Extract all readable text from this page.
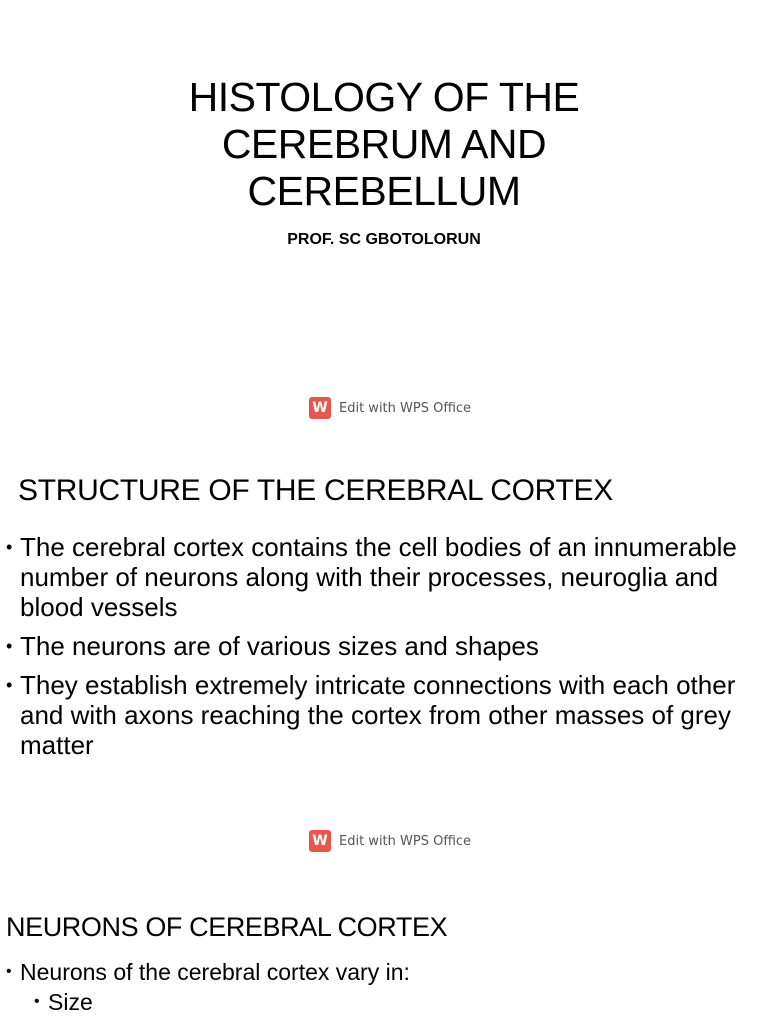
HISTOLOGY OF THE
CEREBRUM AND
CEREBELLUM
PROF. SC GBOTOLORUN
W Edit with WPS Office
STRUCTURE OF THE CEREBRAL CORTEX
• The cerebral cortex contains the cell bodies of an innumerable number of neurons along with their processes, neuroglia and blood vessels
• The neurons are of various sizes and shapes
• They establish extremely intricate connections with each other and with axons reaching the cortex from other masses of grey matter
W Edit with WPS Office
NEURONS OF CEREBRAL CORTEX
• Neurons of the cerebral cortex vary in:
• Size
